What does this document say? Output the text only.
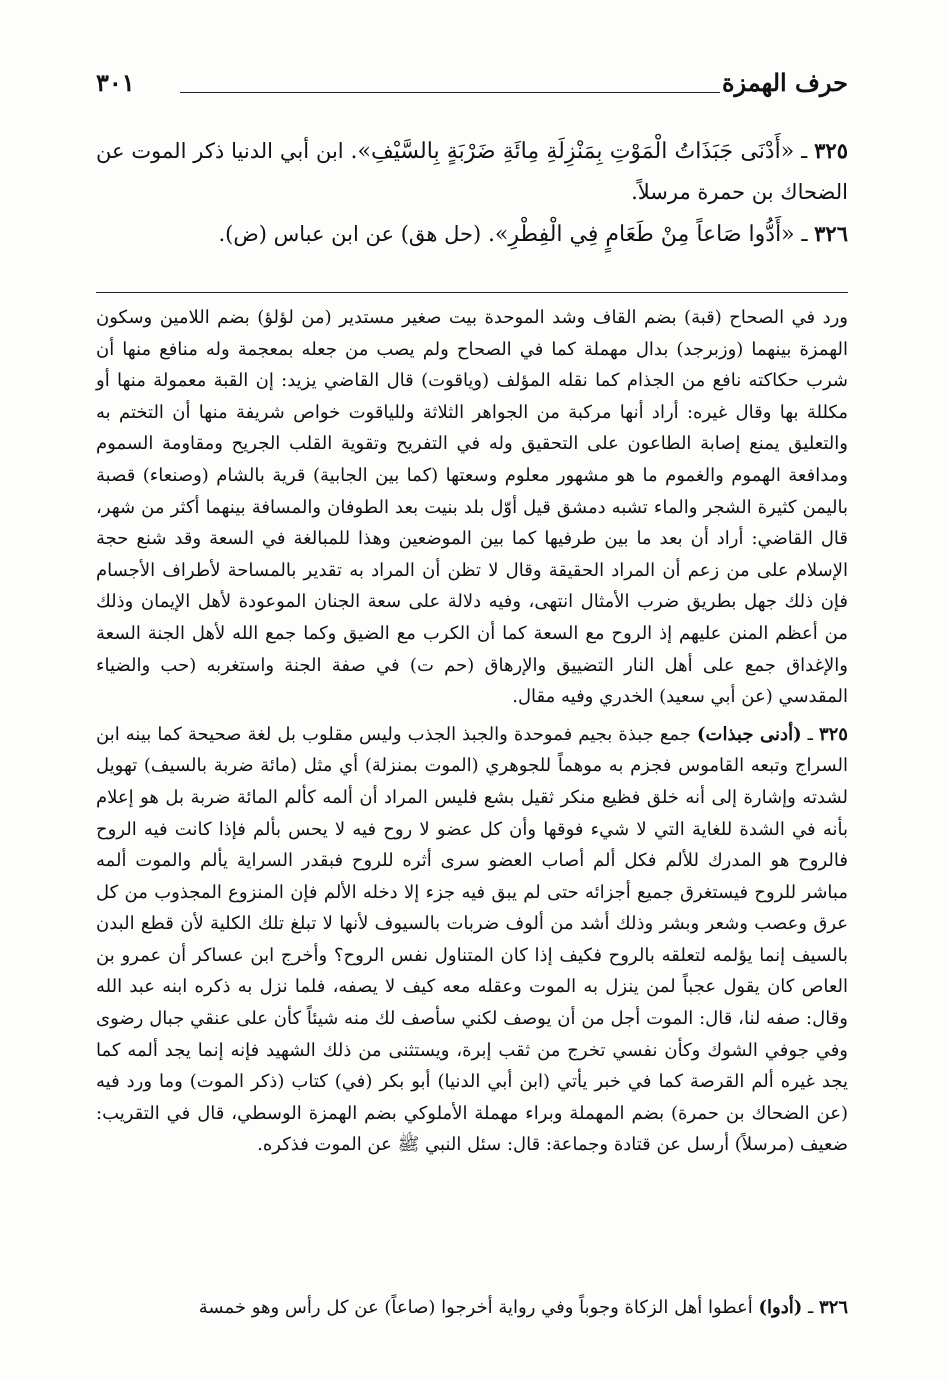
حرف الهمزة
٣٠١

٣٢٥ ـ «أَدْنَى جَبَذَاتُ الْمَوْتِ بِمَنْزِلَةِ مِائَةِ ضَرْبَةٍ بِالسَّيْفِ». ابن أبي الدنيا ذكر الموت عن الضحاك بن حمرة مرسلاً.

٣٢٦ ـ «أَدُّوا صَاعاً مِنْ طَعَامٍ فِي الْفِطْرِ». (حل هق) عن ابن عباس (ض).

ورد في الصحاح (قبة) بضم القاف وشد الموحدة بيت صغير مستدير (من لؤلؤ) بضم اللامين وسكون الهمزة بينهما (وزبرجد) بدال مهملة كما في الصحاح ولم يصب من جعله بمعجمة وله منافع منها أن شرب حكاكته نافع من الجذام كما نقله المؤلف (وياقوت) قال القاضي يزيد: إن القبة معمولة منها أو مكللة بها وقال غيره: أراد أنها مركبة من الجواهر الثلاثة وللياقوت خواص شريفة منها أن التختم به والتعليق يمنع إصابة الطاعون على التحقيق وله في التفريح وتقوية القلب الجريح ومقاومة السموم ومدافعة الهموم والغموم ما هو مشهور معلوم وسعتها (كما بين الجابية) قرية بالشام (وصنعاء) قصبة باليمن كثيرة الشجر والماء تشبه دمشق قيل أوّل بلد بنيت بعد الطوفان والمسافة بينهما أكثر من شهر، قال القاضي: أراد أن بعد ما بين طرفيها كما بين الموضعين وهذا للمبالغة في السعة وقد شنع حجة الإسلام على من زعم أن المراد الحقيقة وقال لا تظن أن المراد به تقدير بالمساحة لأطراف الأجسام فإن ذلك جهل بطريق ضرب الأمثال انتهى، وفيه دلالة على سعة الجنان الموعودة لأهل الإيمان وذلك من أعظم المنن عليهم إذ الروح مع السعة كما أن الكرب مع الضيق وكما جمع الله لأهل الجنة السعة والإغداق جمع على أهل النار التضييق والإرهاق (حم ت) في صفة الجنة واستغربه (حب والضياء المقدسي (عن أبي سعيد) الخدري وفيه مقال.

٣٢٥ ـ (أدنى جبذات) جمع جبذة بجيم فموحدة والجبذ الجذب وليس مقلوب بل لغة صحيحة كما بينه ابن السراج وتبعه القاموس فجزم به موهماً للجوهري (الموت بمنزلة) أي مثل (مائة ضربة بالسيف) تهويل لشدته وإشارة إلى أنه خلق فظيع منكر ثقيل بشع فليس المراد أن ألمه كألم المائة ضربة بل هو إعلام بأنه في الشدة للغاية التي لا شيء فوقها وأن كل عضو لا روح فيه لا يحس بألم فإذا كانت فيه الروح فالروح هو المدرك للألم فكل ألم أصاب العضو سرى أثره للروح فبقدر السراية يألم والموت ألمه مباشر للروح فيستغرق جميع أجزائه حتى لم يبق فيه جزء إلا دخله الألم فإن المنزوع المجذوب من كل عرق وعصب وشعر وبشر وذلك أشد من ألوف ضربات بالسيوف لأنها لا تبلغ تلك الكلية لأن قطع البدن بالسيف إنما يؤلمه لتعلقه بالروح فكيف إذا كان المتناول نفس الروح؟ وأخرج ابن عساكر أن عمرو بن العاص كان يقول عجباً لمن ينزل به الموت وعقله معه كيف لا يصفه، فلما نزل به ذكره ابنه عبد الله وقال: صفه لنا، قال: الموت أجل من أن يوصف لكني سأصف لك منه شيئاً كأن على عنقي جبال رضوى وفي جوفي الشوك وكأن نفسي تخرج من ثقب إبرة، ويستثنى من ذلك الشهيد فإنه إنما يجد ألمه كما يجد غيره ألم القرصة كما في خبر يأتي (ابن أبي الدنيا) أبو بكر (في) كتاب (ذكر الموت) وما ورد فيه (عن الضحاك بن حمرة) بضم المهملة وبراء مهملة الأملوكي بضم الهمزة الوسطي، قال في التقريب: ضعيف (مرسلاً) أرسل عن قتادة وجماعة: قال: سئل النبي ﷺ عن الموت فذكره.

٣٢٦ ـ (أدوا) أعطوا أهل الزكاة وجوباً وفي رواية أخرجوا (صاعاً) عن كل رأس وهو خمسة
